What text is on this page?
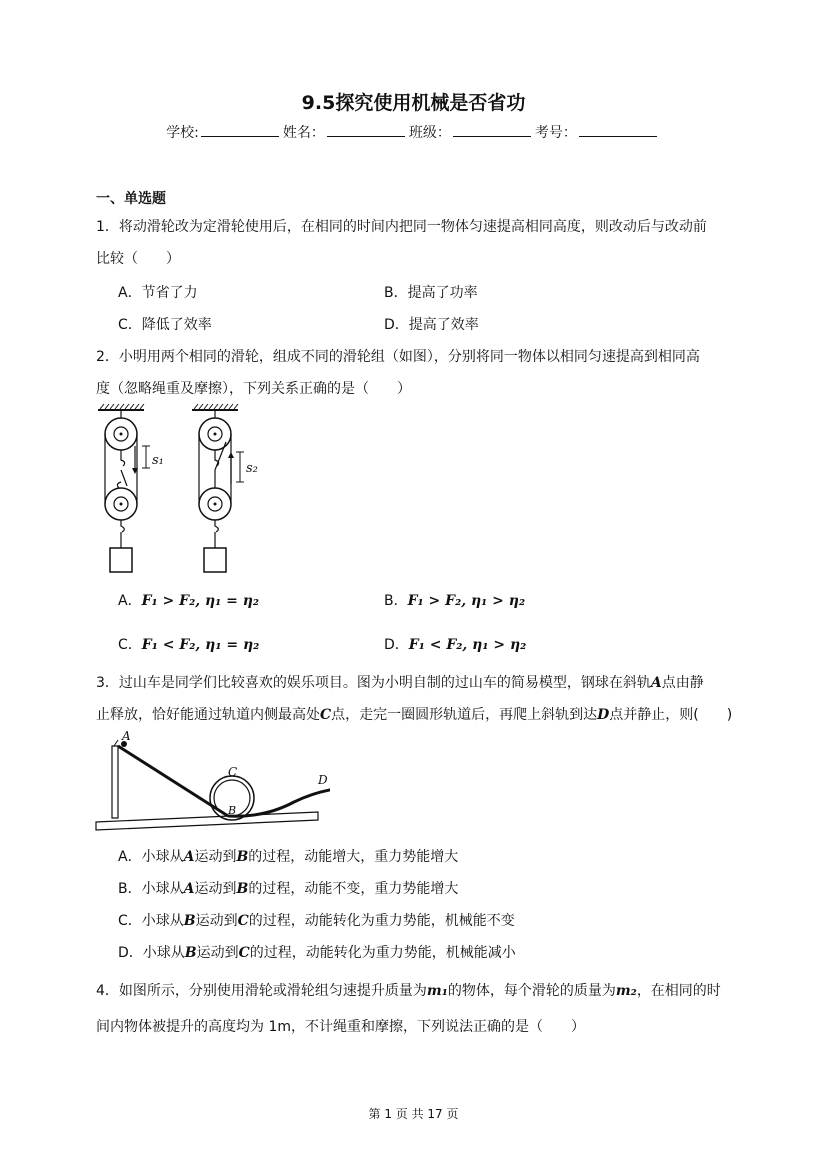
9.5探究使用机械是否省功
学校:	姓名：	班级：	考号：
一、单选题
1．将动滑轮改为定滑轮使用后，在相同的时间内把同一物体匀速提高相同高度，则改动后与改动前
比较（　　）
A．节省了力	B．提高了功率
C．降低了效率	D．提高了效率
2．小明用两个相同的滑轮，组成不同的滑轮组（如图），分别将同一物体以相同匀速提高到相同高
度（忽略绳重及摩擦），下列关系正确的是（　　）
s₁
s₂
A．F₁ > F₂, η₁ = η₂	B．F₁ > F₂, η₁ > η₂
C．F₁ < F₂, η₁ = η₂	D．F₁ < F₂, η₁ > η₂
3．过山车是同学们比较喜欢的娱乐项目。图为小明自制的过山车的简易模型，钢球在斜轨A点由静
止释放，恰好能通过轨道内侧最高处C点，走完一圈圆形轨道后，再爬上斜轨到达D点并静止，则(　　)
A
C
B
D
A．小球从A运动到B的过程，动能增大，重力势能增大
B．小球从A运动到B的过程，动能不变，重力势能增大
C．小球从B运动到C的过程，动能转化为重力势能，机械能不变
D．小球从B运动到C的过程，动能转化为重力势能，机械能减小
4．如图所示，分别使用滑轮或滑轮组匀速提升质量为m₁的物体，每个滑轮的质量为m₂，在相同的时
间内物体被提升的高度均为 1m，不计绳重和摩擦，下列说法正确的是（　　）
第 1 页 共 17 页
